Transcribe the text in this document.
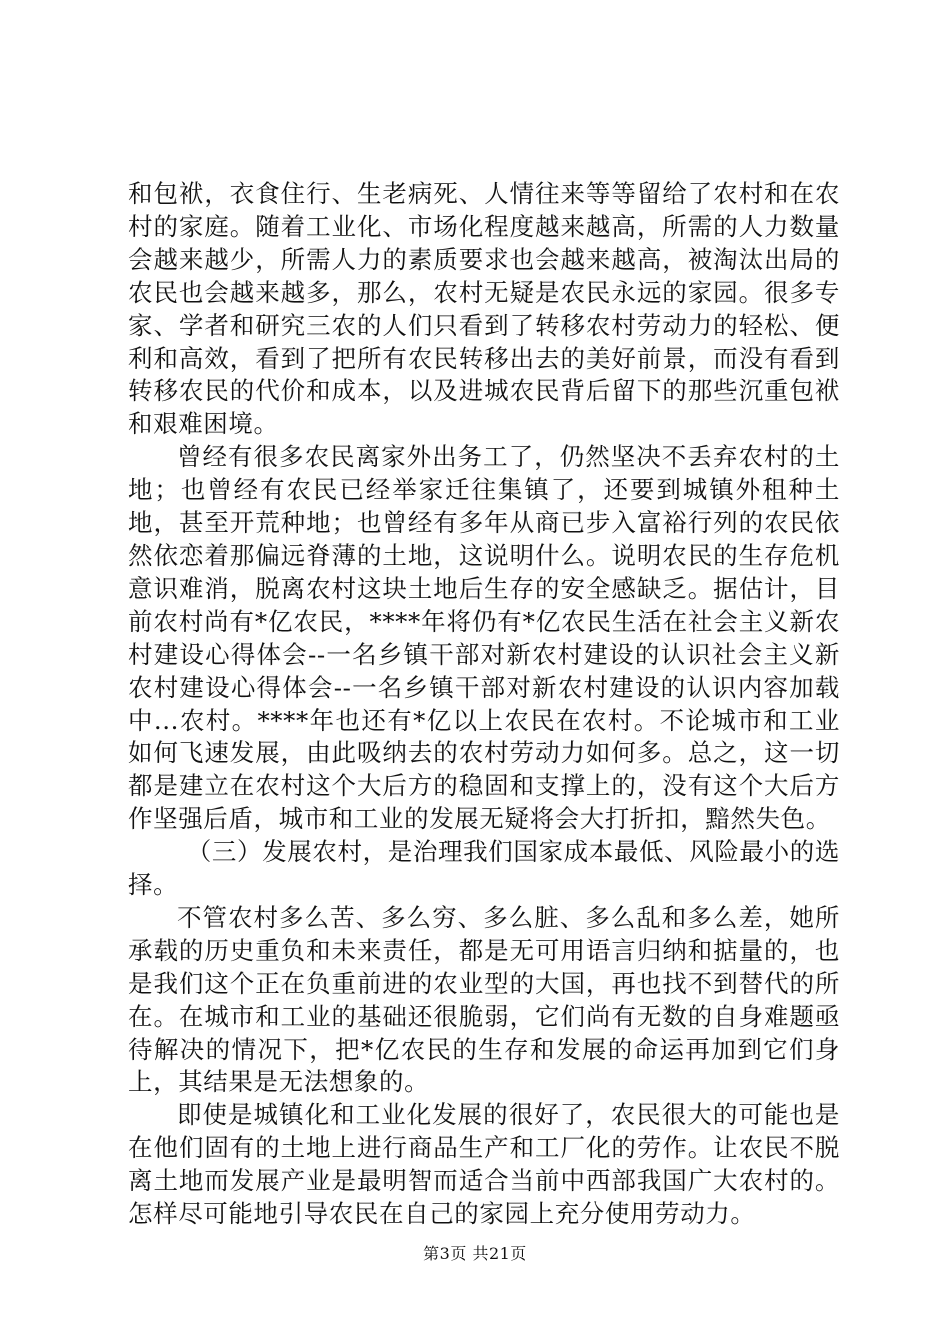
和包袱，衣食住行、生老病死、人情往来等等留给了农村和在农村的家庭。随着工业化、市场化程度越来越高，所需的人力数量会越来越少，所需人力的素质要求也会越来越高，被淘汰出局的农民也会越来越多，那么，农村无疑是农民永远的家园。很多专家、学者和研究三农的人们只看到了转移农村劳动力的轻松、便利和高效，看到了把所有农民转移出去的美好前景，而没有看到转移农民的代价和成本，以及进城农民背后留下的那些沉重包袱和艰难困境。

曾经有很多农民离家外出务工了，仍然坚决不丢弃农村的土地；也曾经有农民已经举家迁往集镇了，还要到城镇外租种土地，甚至开荒种地；也曾经有多年从商已步入富裕行列的农民依然依恋着那偏远脊薄的土地，这说明什么。说明农民的生存危机意识难消，脱离农村这块土地后生存的安全感缺乏。据估计，目前农村尚有*亿农民，****年将仍有*亿农民生活在社会主义新农村建设心得体会--一名乡镇干部对新农村建设的认识社会主义新农村建设心得体会--一名乡镇干部对新农村建设的认识内容加载中...农村。****年也还有*亿以上农民在农村。不论城市和工业如何飞速发展，由此吸纳去的农村劳动力如何多。总之，这一切都是建立在农村这个大后方的稳固和支撑上的，没有这个大后方作坚强后盾，城市和工业的发展无疑将会大打折扣，黯然失色。

（三）发展农村，是治理我们国家成本最低、风险最小的选择。

不管农村多么苦、多么穷、多么脏、多么乱和多么差，她所承载的历史重负和未来责任，都是无可用语言归纳和掂量的，也是我们这个正在负重前进的农业型的大国，再也找不到替代的所在。在城市和工业的基础还很脆弱，它们尚有无数的自身难题亟待解决的情况下，把*亿农民的生存和发展的命运再加到它们身上，其结果是无法想象的。

即使是城镇化和工业化发展的很好了，农民很大的可能也是在他们固有的土地上进行商品生产和工厂化的劳作。让农民不脱离土地而发展产业是最明智而适合当前中西部我国广大农村的。怎样尽可能地引导农民在自己的家园上充分使用劳动力。

第3页 共21页
